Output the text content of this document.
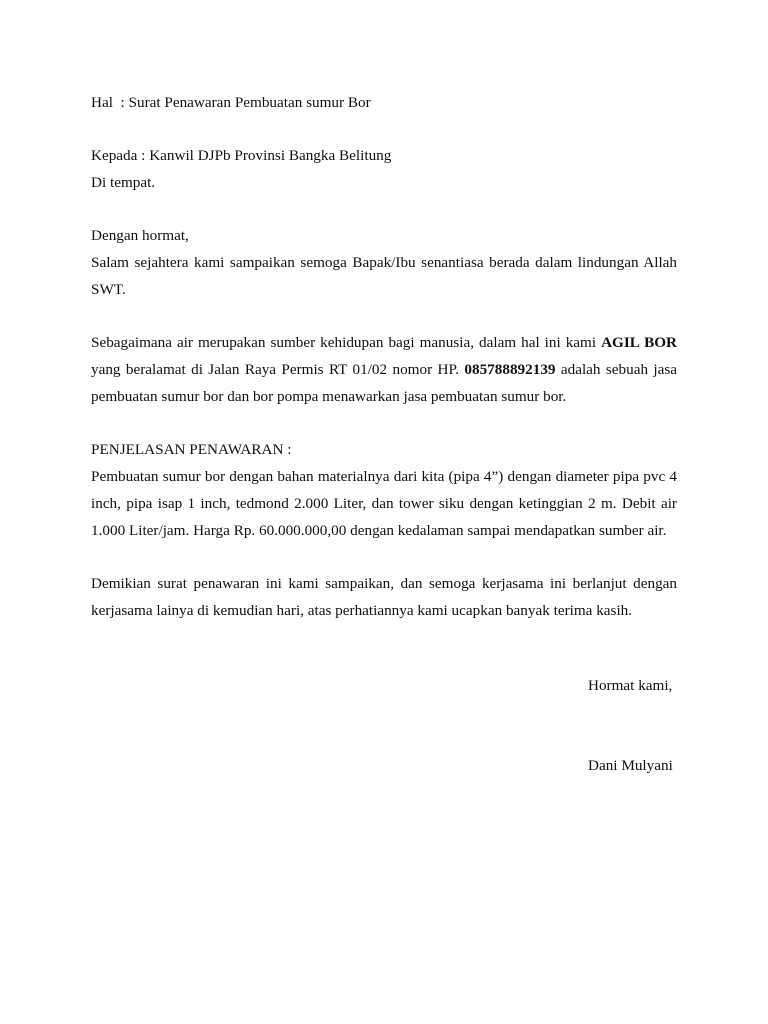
Hal  : Surat Penawaran Pembuatan sumur Bor

Kepada : Kanwil DJPb Provinsi Bangka Belitung

Di tempat.

Dengan hormat,

Salam sejahtera kami sampaikan semoga Bapak/Ibu senantiasa berada dalam lindungan Allah SWT.

Sebagaimana air merupakan sumber kehidupan bagi manusia, dalam hal ini kami AGIL BOR yang beralamat di Jalan Raya Permis RT 01/02 nomor HP. 085788892139 adalah sebuah jasa pembuatan sumur bor dan bor pompa menawarkan jasa pembuatan sumur bor.

PENJELASAN PENAWARAN :

Pembuatan sumur bor dengan bahan materialnya dari kita (pipa 4”) dengan diameter pipa pvc 4 inch, pipa isap 1 inch, tedmond 2.000 Liter, dan tower siku dengan ketinggian 2 m. Debit air 1.000 Liter/jam. Harga Rp. 60.000.000,00 dengan kedalaman sampai mendapatkan sumber air.

Demikian surat penawaran ini kami sampaikan, dan semoga kerjasama ini berlanjut dengan kerjasama lainya di kemudian hari, atas perhatiannya kami ucapkan banyak terima kasih.

Hormat kami,

Dani Mulyani
